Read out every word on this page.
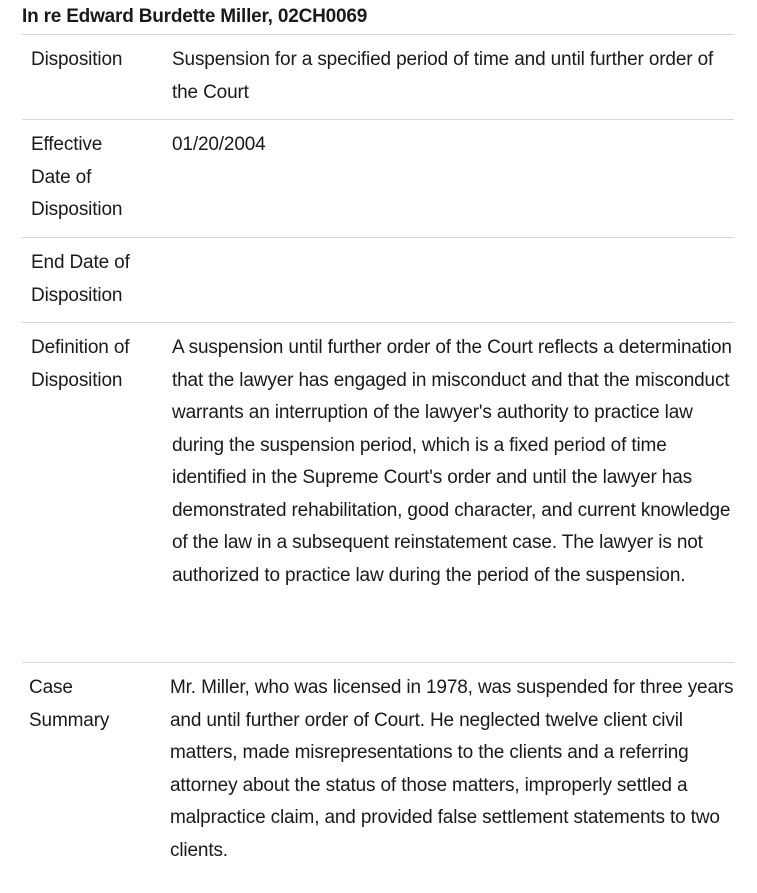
In re Edward Burdette Miller, 02CH0069
Disposition	Suspension for a specified period of time and until further order of the Court
Effective Date of Disposition
01/20/2004
End Date of Disposition
Definition of Disposition
A suspension until further order of the Court reflects a determination that the lawyer has engaged in misconduct and that the misconduct warrants an interruption of the lawyer's authority to practice law during the suspension period, which is a fixed period of time identified in the Supreme Court's order and until the lawyer has demonstrated rehabilitation, good character, and current knowledge of the law in a subsequent reinstatement case. The lawyer is not authorized to practice law during the period of the suspension.
Case Summary
Mr. Miller, who was licensed in 1978, was suspended for three years and until further order of Court. He neglected twelve client civil matters, made misrepresentations to the clients and a referring attorney about the status of those matters, improperly settled a malpractice claim, and provided false settlement statements to two clients.
